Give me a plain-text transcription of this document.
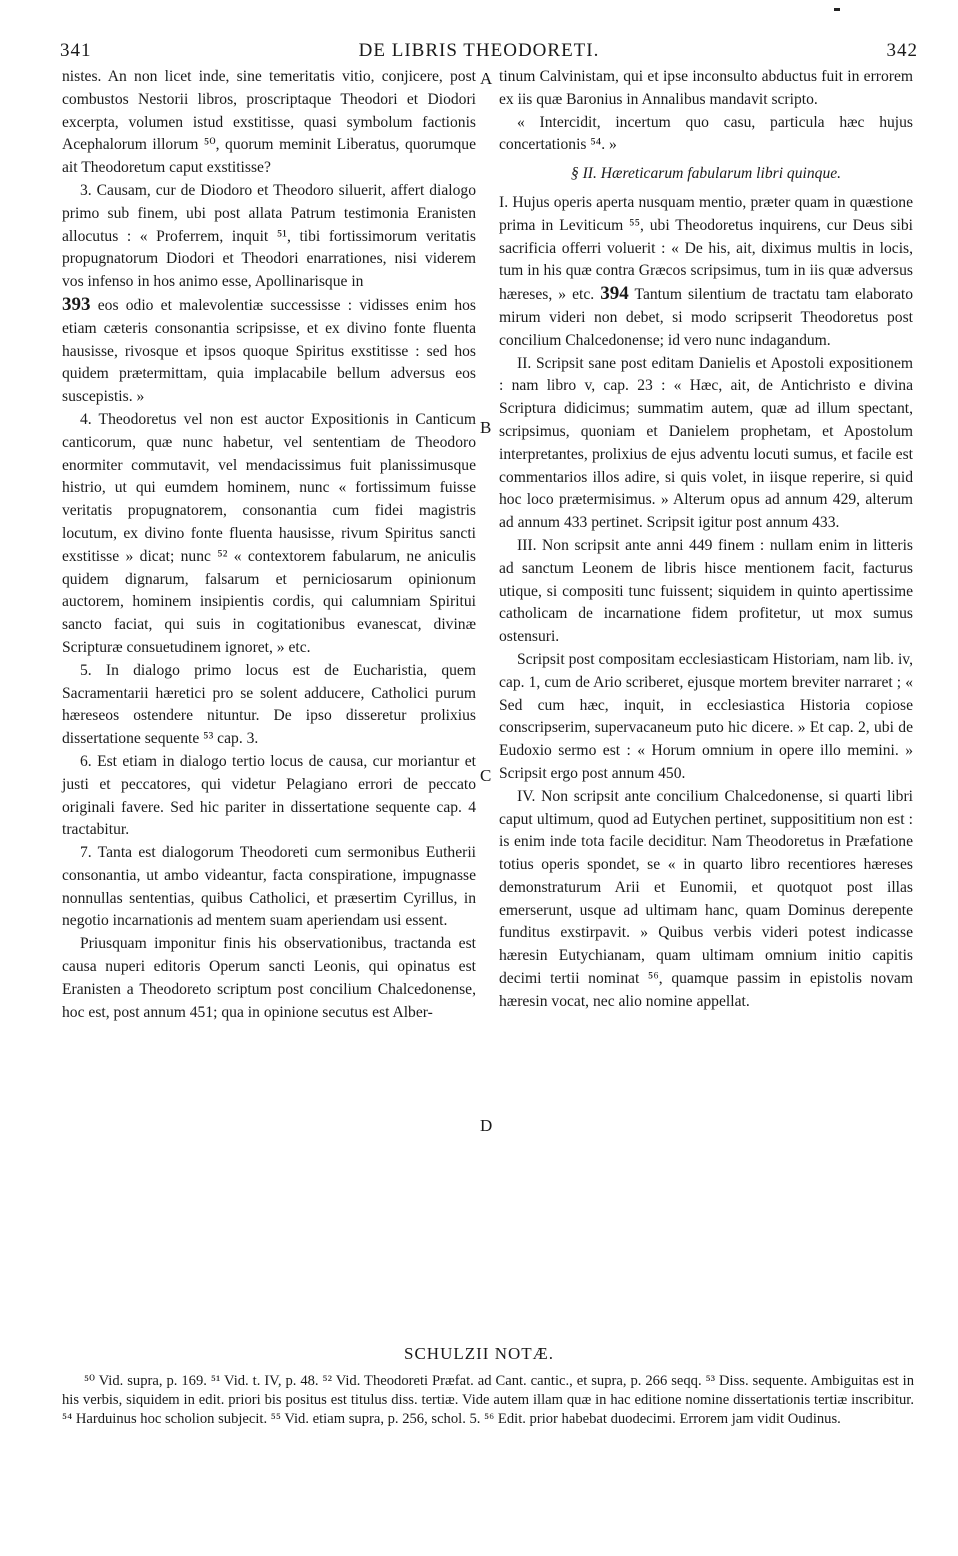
341	DE LIBRIS THEODORETI.	342
A
B
C
D

nistes. An non licet inde, sine temeritatis vitio, conjicere, post combustos Nestorii libros, proscriptaque Theodori et Diodori excerpta, volumen istud exstitisse, quasi symbolum factionis Acephalorum illorum ⁵⁰, quorum meminit Liberatus, quorumque ait Theodoretum caput exstitisse?

3. Causam, cur de Diodoro et Theodoro siluerit, affert dialogo primo sub finem, ubi post allata Patrum testimonia Eranisten allocutus : « Proferrem, inquit ⁵¹, tibi fortissimorum veritatis propugnatorum Diodori et Theodori enarrationes, nisi viderem vos infenso in hos animo esse, Apollinarisque in

393 eos odio et malevolentiæ successisse : vidisses enim hos etiam cæteris consonantia scripsisse, et ex divino fonte fluenta hausisse, rivosque et ipsos quoque Spiritus exstitisse : sed hos quidem prætermittam, quia implacabile bellum adversus eos suscepistis. »

4. Theodoretus vel non est auctor Expositionis in Canticum canticorum, quæ nunc habetur, vel sententiam de Theodoro enormiter commutavit, vel mendacissimus fuit planissimusque histrio, ut qui eumdem hominem, nunc « fortissimum fuisse veritatis propugnatorem, consonantia cum fidei magistris locutum, ex divino fonte fluenta hausisse, rivum Spiritus sancti exstitisse » dicat; nunc ⁵² « contextorem fabularum, ne aniculis quidem dignarum, falsarum et perniciosarum opinionum auctorem, hominem insipientis cordis, qui calumniam Spiritui sancto faciat, qui suis in cogitationibus evanescat, divinæ Scripturæ consuetudinem ignoret, » etc.

5. In dialogo primo locus est de Eucharistia, quem Sacramentarii hæretici pro se solent adducere, Catholici purum hæreseos ostendere nituntur. De ipso disseretur prolixius dissertatione sequente ⁵³ cap. 3.

6. Est etiam in dialogo tertio locus de causa, cur moriantur et justi et peccatores, qui videtur Pelagiano errori de peccato originali favere. Sed hic pariter in dissertatione sequente cap. 4 tractabitur.

7. Tanta est dialogorum Theodoreti cum sermonibus Eutherii consonantia, ut ambo videantur, facta conspiratione, impugnasse nonnullas sententias, quibus Catholici, et præsertim Cyrillus, in negotio incarnationis ad mentem suam aperiendam usi essent.

Priusquam imponitur finis his observationibus, tractanda est causa nuperi editoris Operum sancti Leonis, qui opinatus est Eranisten a Theodoreto scriptum post concilium Chalcedonense, hoc est, post annum 451; qua in opinione secutus est Alber-

tinum Calvinistam, qui et ipse inconsulto abductus fuit in errorem ex iis quæ Baronius in Annalibus mandavit scripto.

« Intercidit, incertum quo casu, particula hæc hujus concertationis ⁵⁴. »

§ II. Hæreticarum fabularum libri quinque.

I. Hujus operis aperta nusquam mentio, præter quam in quæstione prima in Leviticum ⁵⁵, ubi Theodoretus inquirens, cur Deus sibi sacrificia offerri voluerit : « De his, ait, diximus multis in locis, tum in his quæ contra Græcos scripsimus, tum in iis quæ adversus hæreses, » etc. 394 Tantum silentium de tractatu tam elaborato mirum videri non debet, si modo scripserit Theodoretus post concilium Chalcedonense; id vero nunc indagandum.

II. Scripsit sane post editam Danielis et Apostoli expositionem : nam libro v, cap. 23 : « Hæc, ait, de Antichristo e divina Scriptura didicimus; summatim autem, quæ ad illum spectant, scripsimus, quoniam et Danielem prophetam, et Apostolum interpretantes, prolixius de ejus adventu locuti sumus, et facile est commentarios illos adire, si quis volet, in iisque reperire, si quid hoc loco prætermisimus. » Alterum opus ad annum 429, alterum ad annum 433 pertinet. Scripsit igitur post annum 433.

III. Non scripsit ante anni 449 finem : nullam enim in litteris ad sanctum Leonem de libris hisce mentionem facit, facturus utique, si compositi tunc fuissent; siquidem in quinto apertissime catholicam de incarnatione fidem profitetur, ut mox sumus ostensuri.

Scripsit post compositam ecclesiasticam Historiam, nam lib. iv, cap. 1, cum de Ario scriberet, ejusque mortem breviter narraret ; « Sed cum hæc, inquit, in ecclesiastica Historia copiose conscripserim, supervacaneum puto hic dicere. » Et cap. 2, ubi de Eudoxio sermo est : « Horum omnium in opere illo memini. » Scripsit ergo post annum 450.

IV. Non scripsit ante concilium Chalcedonense, si quarti libri caput ultimum, quod ad Eutychen pertinet, supposititium non est : is enim inde tota facile decidituг. Nam Theodoretus in Præfatione totius operis spondet, se « in quarto libro recentiores hæreses demonstraturum Arii et Eunomii, et quotquot post illas emerserunt, usque ad ultimam hanc, quam Dominus derepente funditus exstirpavit. » Quibus verbis videri potest indicasse hæresin Eutychianam, quam ultimam omnium initio capitis decimi tertii nominat ⁵⁶, quamque passim in epistolis novam hæresin vocat, nec alio nomine appellat.

SCHULZII NOTÆ.

⁵⁰ Vid. supra, p. 169. ⁵¹ Vid. t. IV, p. 48. ⁵² Vid. Theodoreti Præfat. ad Cant. cantic., et supra, p. 266 seqq. ⁵³ Diss. sequente. Ambiguitas est in his verbis, siquidem in edit. priori bis positus est titulus diss. tertiæ. Vide autem illam quæ in hac editione nomine dissertationis tertiæ inscribitur. ⁵⁴ Harduinus hoc scholion subjecit. ⁵⁵ Vid. etiam supra, p. 256, schol. 5. ⁵⁶ Edit. prior habebat duodecimi. Errorem jam vidit Oudinus.
